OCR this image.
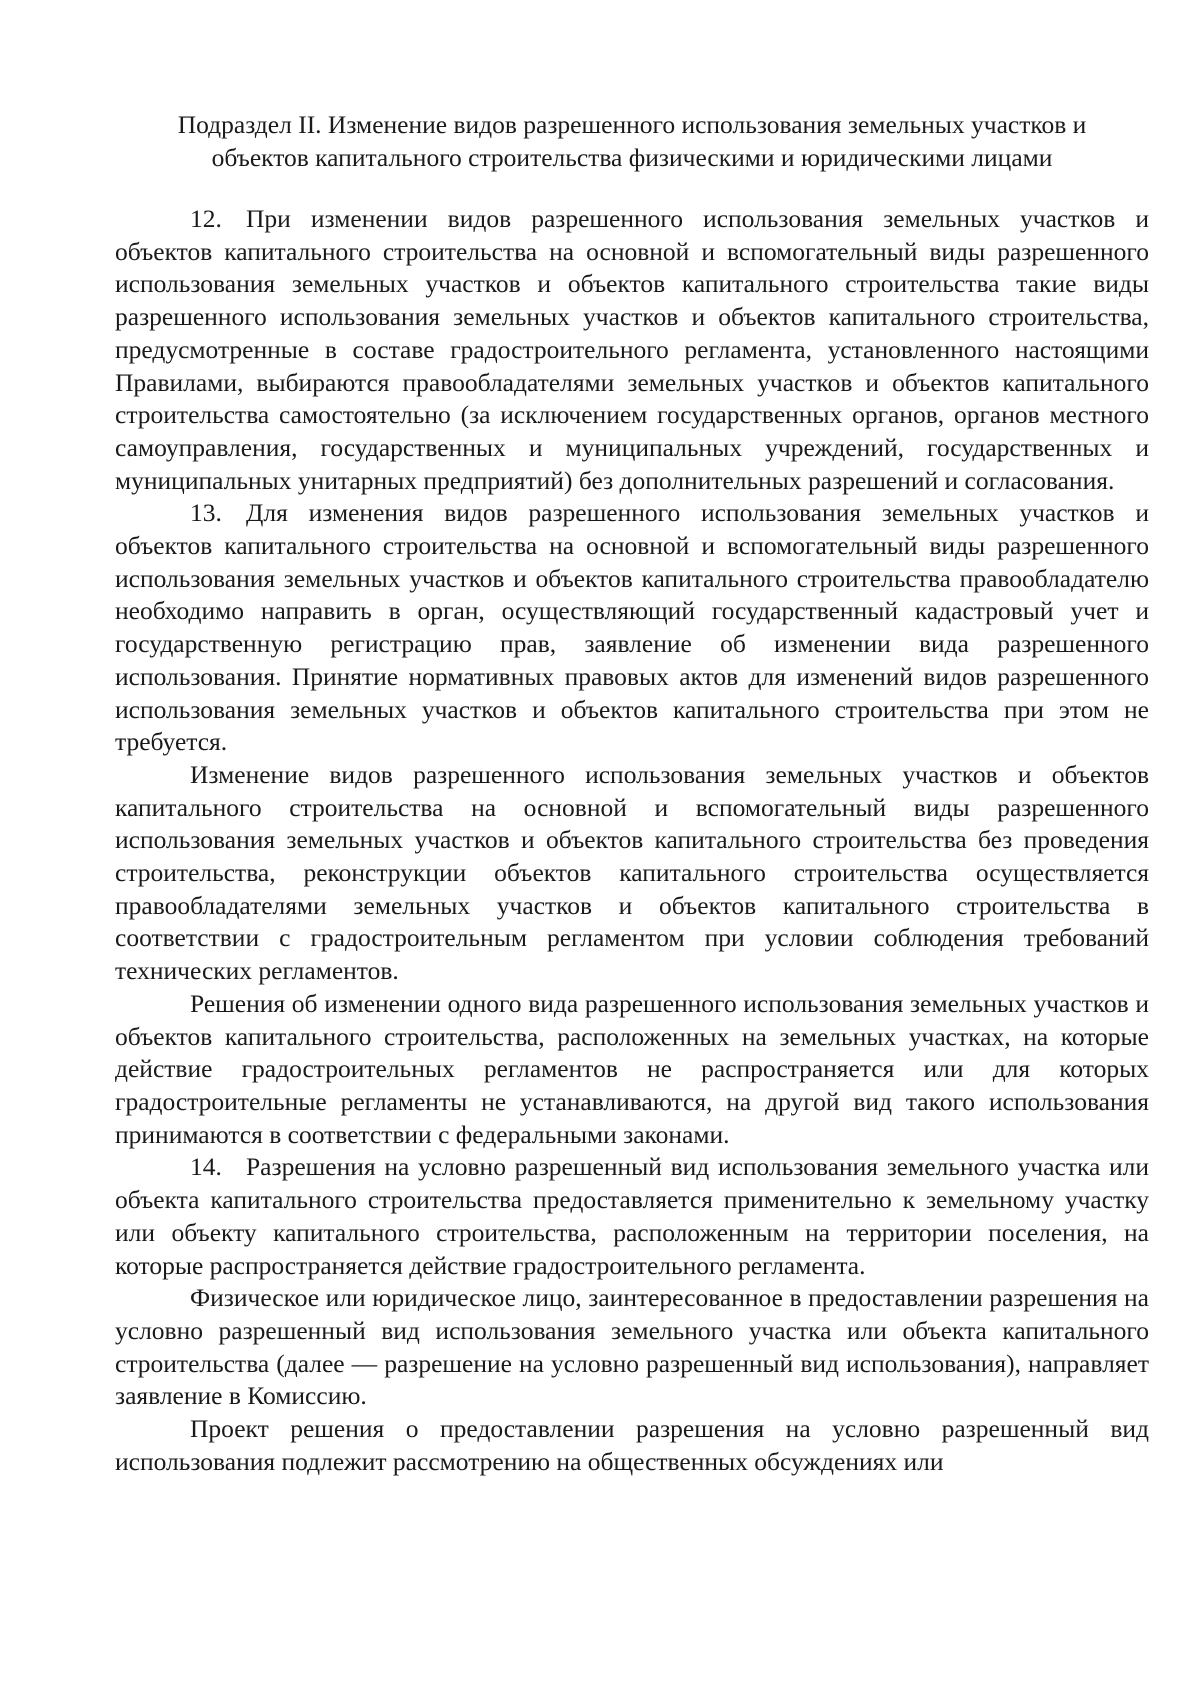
Подраздел II. Изменение видов разрешенного использования земельных участков и
объектов капитального строительства физическими и юридическими лицами

12. При изменении видов разрешенного использования земельных участков и объектов капитального строительства на основной и вспомогательный виды разрешенного использования земельных участков и объектов капитального строительства такие виды разрешенного использования земельных участков и объектов капитального строительства, предусмотренные в составе градостроительного регламента, установленного настоящими Правилами, выбираются правообладателями земельных участков и объектов капитального строительства самостоятельно (за исключением государственных органов, органов местного самоуправления, государственных и муниципальных учреждений, государственных и муниципальных унитарных предприятий) без дополнительных разрешений и согласования.

13. Для изменения видов разрешенного использования земельных участков и объектов капитального строительства на основной и вспомогательный виды разрешенного использования земельных участков и объектов капитального строительства правообладателю необходимо направить в орган, осуществляющий государственный кадастровый учет и государственную регистрацию прав, заявление об изменении вида разрешенного использования. Принятие нормативных правовых актов для изменений видов разрешенного использования земельных участков и объектов капитального строительства при этом не требуется.

Изменение видов разрешенного использования земельных участков и объектов капитального строительства на основной и вспомогательный виды разрешенного использования земельных участков и объектов капитального строительства без проведения строительства, реконструкции объектов капитального строительства осуществляется правообладателями земельных участков и объектов капитального строительства в соответствии с градостроительным регламентом при условии соблюдения требований технических регламентов.

Решения об изменении одного вида разрешенного использования земельных участков и объектов капитального строительства, расположенных на земельных участках, на которые действие градостроительных регламентов не распространяется или для которых градостроительные регламенты не устанавливаются, на другой вид такого использования принимаются в соответствии с федеральными законами.

14. Разрешения на условно разрешенный вид использования земельного участка или объекта капитального строительства предоставляется применительно к земельному участку или объекту капитального строительства, расположенным на территории поселения, на которые распространяется действие градостроительного регламента.

Физическое или юридическое лицо, заинтересованное в предоставлении разрешения на условно разрешенный вид использования земельного участка или объекта капитального строительства (далее — разрешение на условно разрешенный вид использования), направляет заявление в Комиссию.

Проект решения о предоставлении разрешения на условно разрешенный вид использования подлежит рассмотрению на общественных обсуждениях или
